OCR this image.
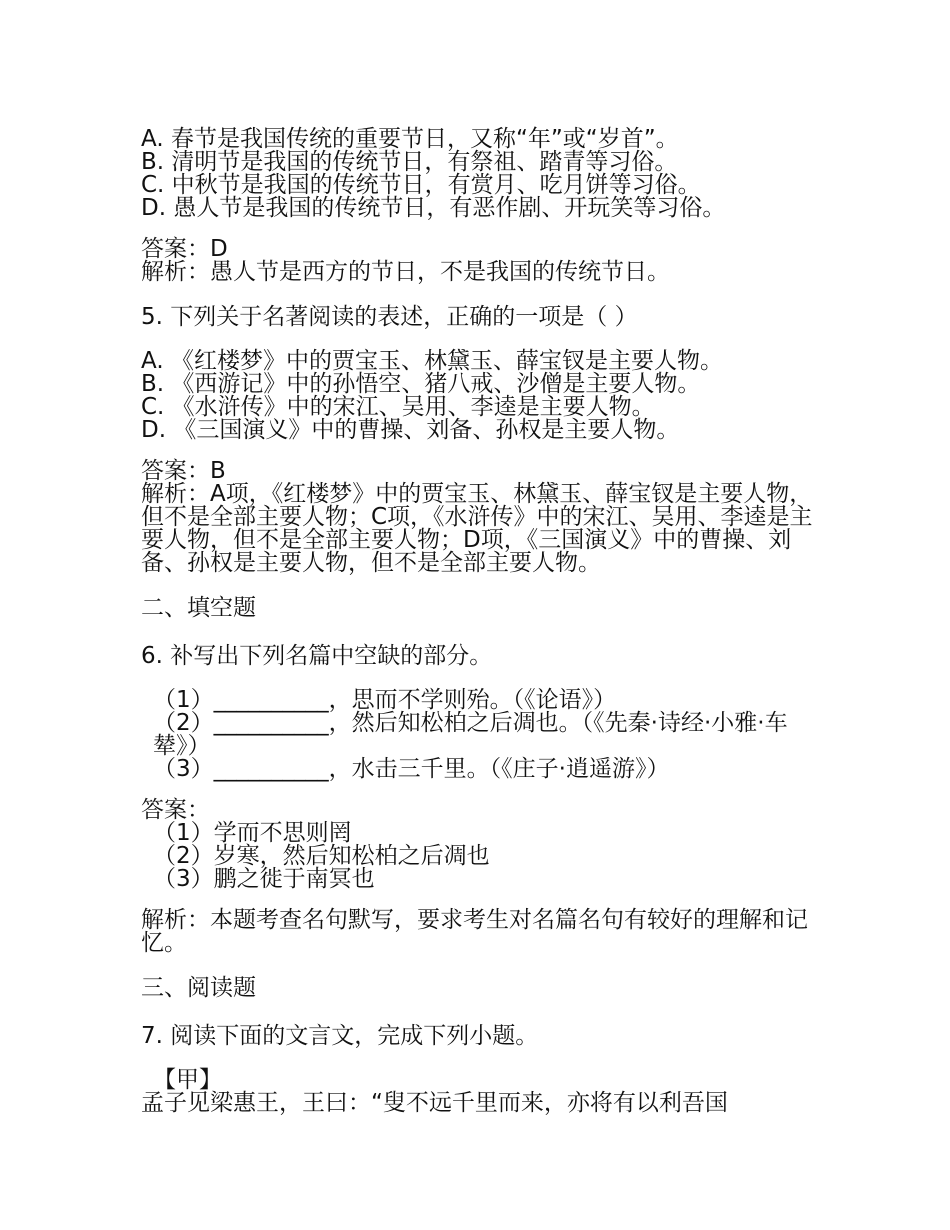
A. 春节是我国传统的重要节日，又称“年”或“岁首”。
B. 清明节是我国的传统节日，有祭祖、踏青等习俗。
C. 中秋节是我国的传统节日，有赏月、吃月饼等习俗。
D. 愚人节是我国的传统节日，有恶作剧、开玩笑等习俗。
答案：D
解析：愚人节是西方的节日，不是我国的传统节日。
5. 下列关于名著阅读的表述，正确的一项是（ ）
A. 《红楼梦》中的贾宝玉、林黛玉、薛宝钗是主要人物。
B. 《西游记》中的孙悟空、猪八戒、沙僧是主要人物。
C. 《水浒传》中的宋江、吴用、李逵是主要人物。
D. 《三国演义》中的曹操、刘备、孙权是主要人物。
答案：B
解析：A项，《红楼梦》中的贾宝玉、林黛玉、薛宝钗是主要人物，但不是全部主要人物；C项，《水浒传》中的宋江、吴用、李逵是主要人物，但不是全部主要人物；D项，《三国演义》中的曹操、刘备、孙权是主要人物，但不是全部主要人物。
二、填空题
6. 补写出下列名篇中空缺的部分。
（1）__________，思而不学则殆。（《论语》）
（2）__________，然后知松柏之后凋也。（《先秦·诗经·小雅·车辇》）
（3）__________，水击三千里。（《庄子·逍遥游》）
答案：
（1）学而不思则罔
（2）岁寒，然后知松柏之后凋也
（3）鹏之徙于南冥也
解析：本题考查名句默写，要求考生对名篇名句有较好的理解和记忆。
三、阅读题
7. 阅读下面的文言文，完成下列小题。
【甲】
孟子见梁惠王，王曰：“叟不远千里而来，亦将有以利吾国
